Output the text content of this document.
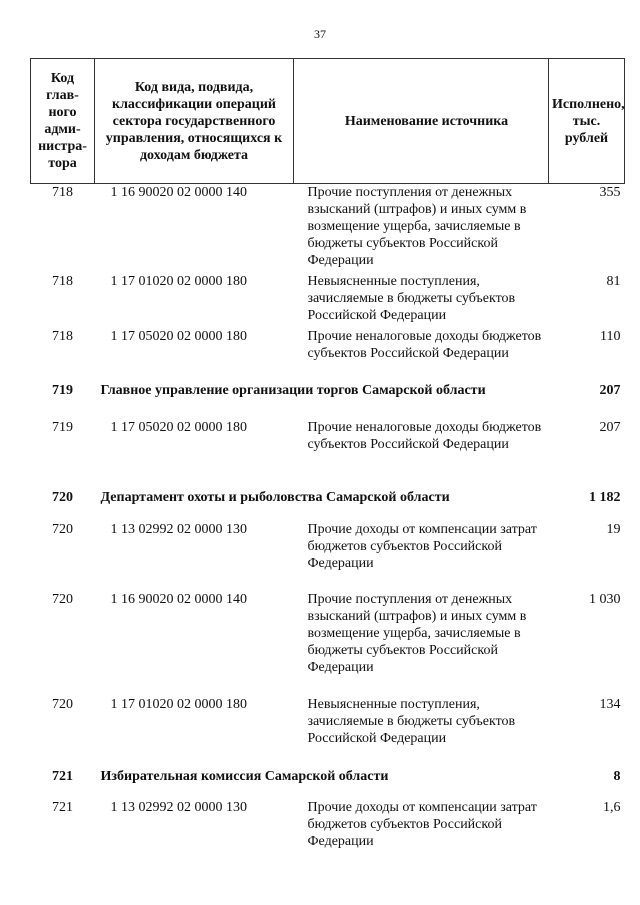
37
Код глав-ного адми-нистра-тора	Код вида, подвида, классификации операций сектора государственного управления, относящихся к доходам бюджета	Наименование источника	Исполнено, тыс. рублей
718	1 16 90020 02 0000 140	Прочие поступления от денежных взысканий (штрафов) и иных сумм в возмещение ущерба, зачисляемые в бюджеты субъектов Российской Федерации	355
718	1 17 01020 02 0000 180	Невыясненные поступления, зачисляемые в бюджеты субъектов Российской Федерации	81
718	1 17 05020 02 0000 180	Прочие неналоговые доходы бюджетов субъектов Российской Федерации	110
719	Главное управление организации торгов Самарской области		207
719	1 17 05020 02 0000 180	Прочие неналоговые доходы бюджетов субъектов Российской Федерации	207
720	Департамент охоты и рыболовства Самарской области		1 182
720	1 13 02992 02 0000 130	Прочие доходы от компенсации затрат бюджетов субъектов Российской Федерации	19
720	1 16 90020 02 0000 140	Прочие поступления от денежных взысканий (штрафов) и иных сумм в возмещение ущерба, зачисляемые в бюджеты субъектов Российской Федерации	1 030
720	1 17 01020 02 0000 180	Невыясненные поступления, зачисляемые в бюджеты субъектов Российской Федерации	134
721	Избирательная комиссия Самарской области		8
721	1 13 02992 02 0000 130	Прочие доходы от компенсации затрат бюджетов субъектов Российской Федерации	1,6
